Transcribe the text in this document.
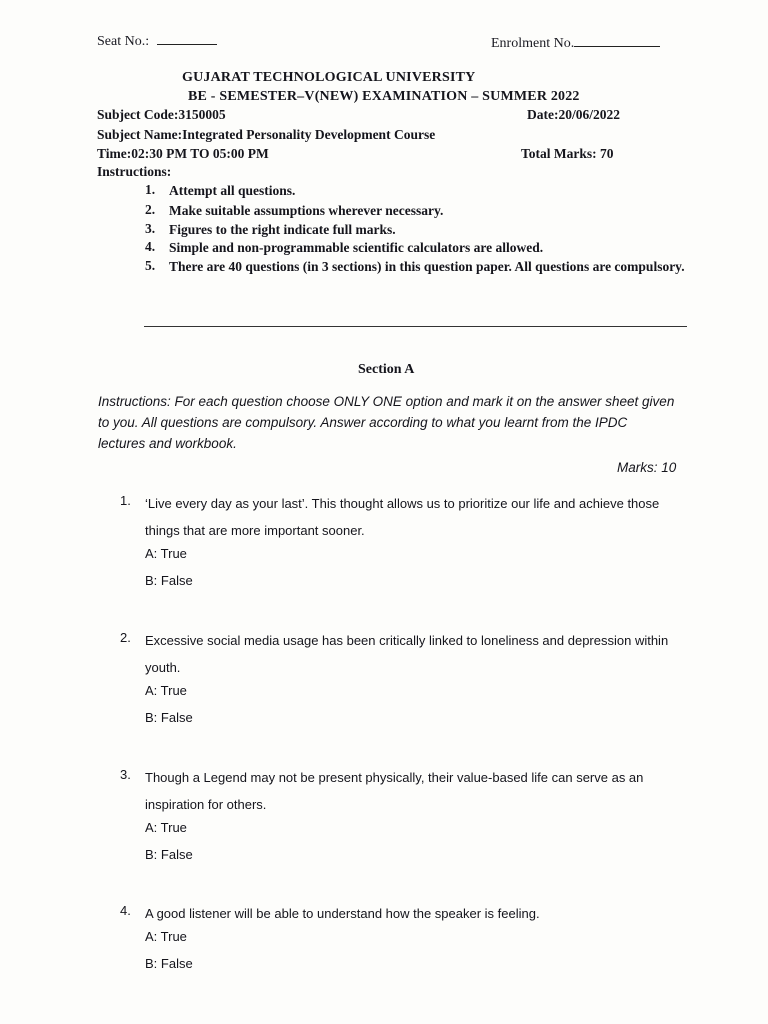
Seat No.:	Enrolment No.
GUJARAT TECHNOLOGICAL UNIVERSITY
BE - SEMESTER–V(NEW) EXAMINATION – SUMMER 2022
Subject Code:3150005	Date:20/06/2022
Subject Name:Integrated Personality Development Course
Time:02:30 PM TO 05:00 PM	Total Marks: 70
Instructions:
1.	Attempt all questions.
2.	Make suitable assumptions wherever necessary.
3.	Figures to the right indicate full marks.
4.	Simple and non-programmable scientific calculators are allowed.
5.	There are 40 questions (in 3 sections) in this question paper. All questions are compulsory.
Section A
Instructions: For each question choose ONLY ONE option and mark it on the answer sheet given to you. All questions are compulsory. Answer according to what you learnt from the IPDC lectures and workbook.
Marks: 10
1. ‘Live every day as your last’. This thought allows us to prioritize our life and achieve those things that are more important sooner.
A: True
B: False
2. Excessive social media usage has been critically linked to loneliness and depression within youth.
A: True
B: False
3. Though a Legend may not be present physically, their value-based life can serve as an inspiration for others.
A: True
B: False
4. A good listener will be able to understand how the speaker is feeling.
A: True
B: False
